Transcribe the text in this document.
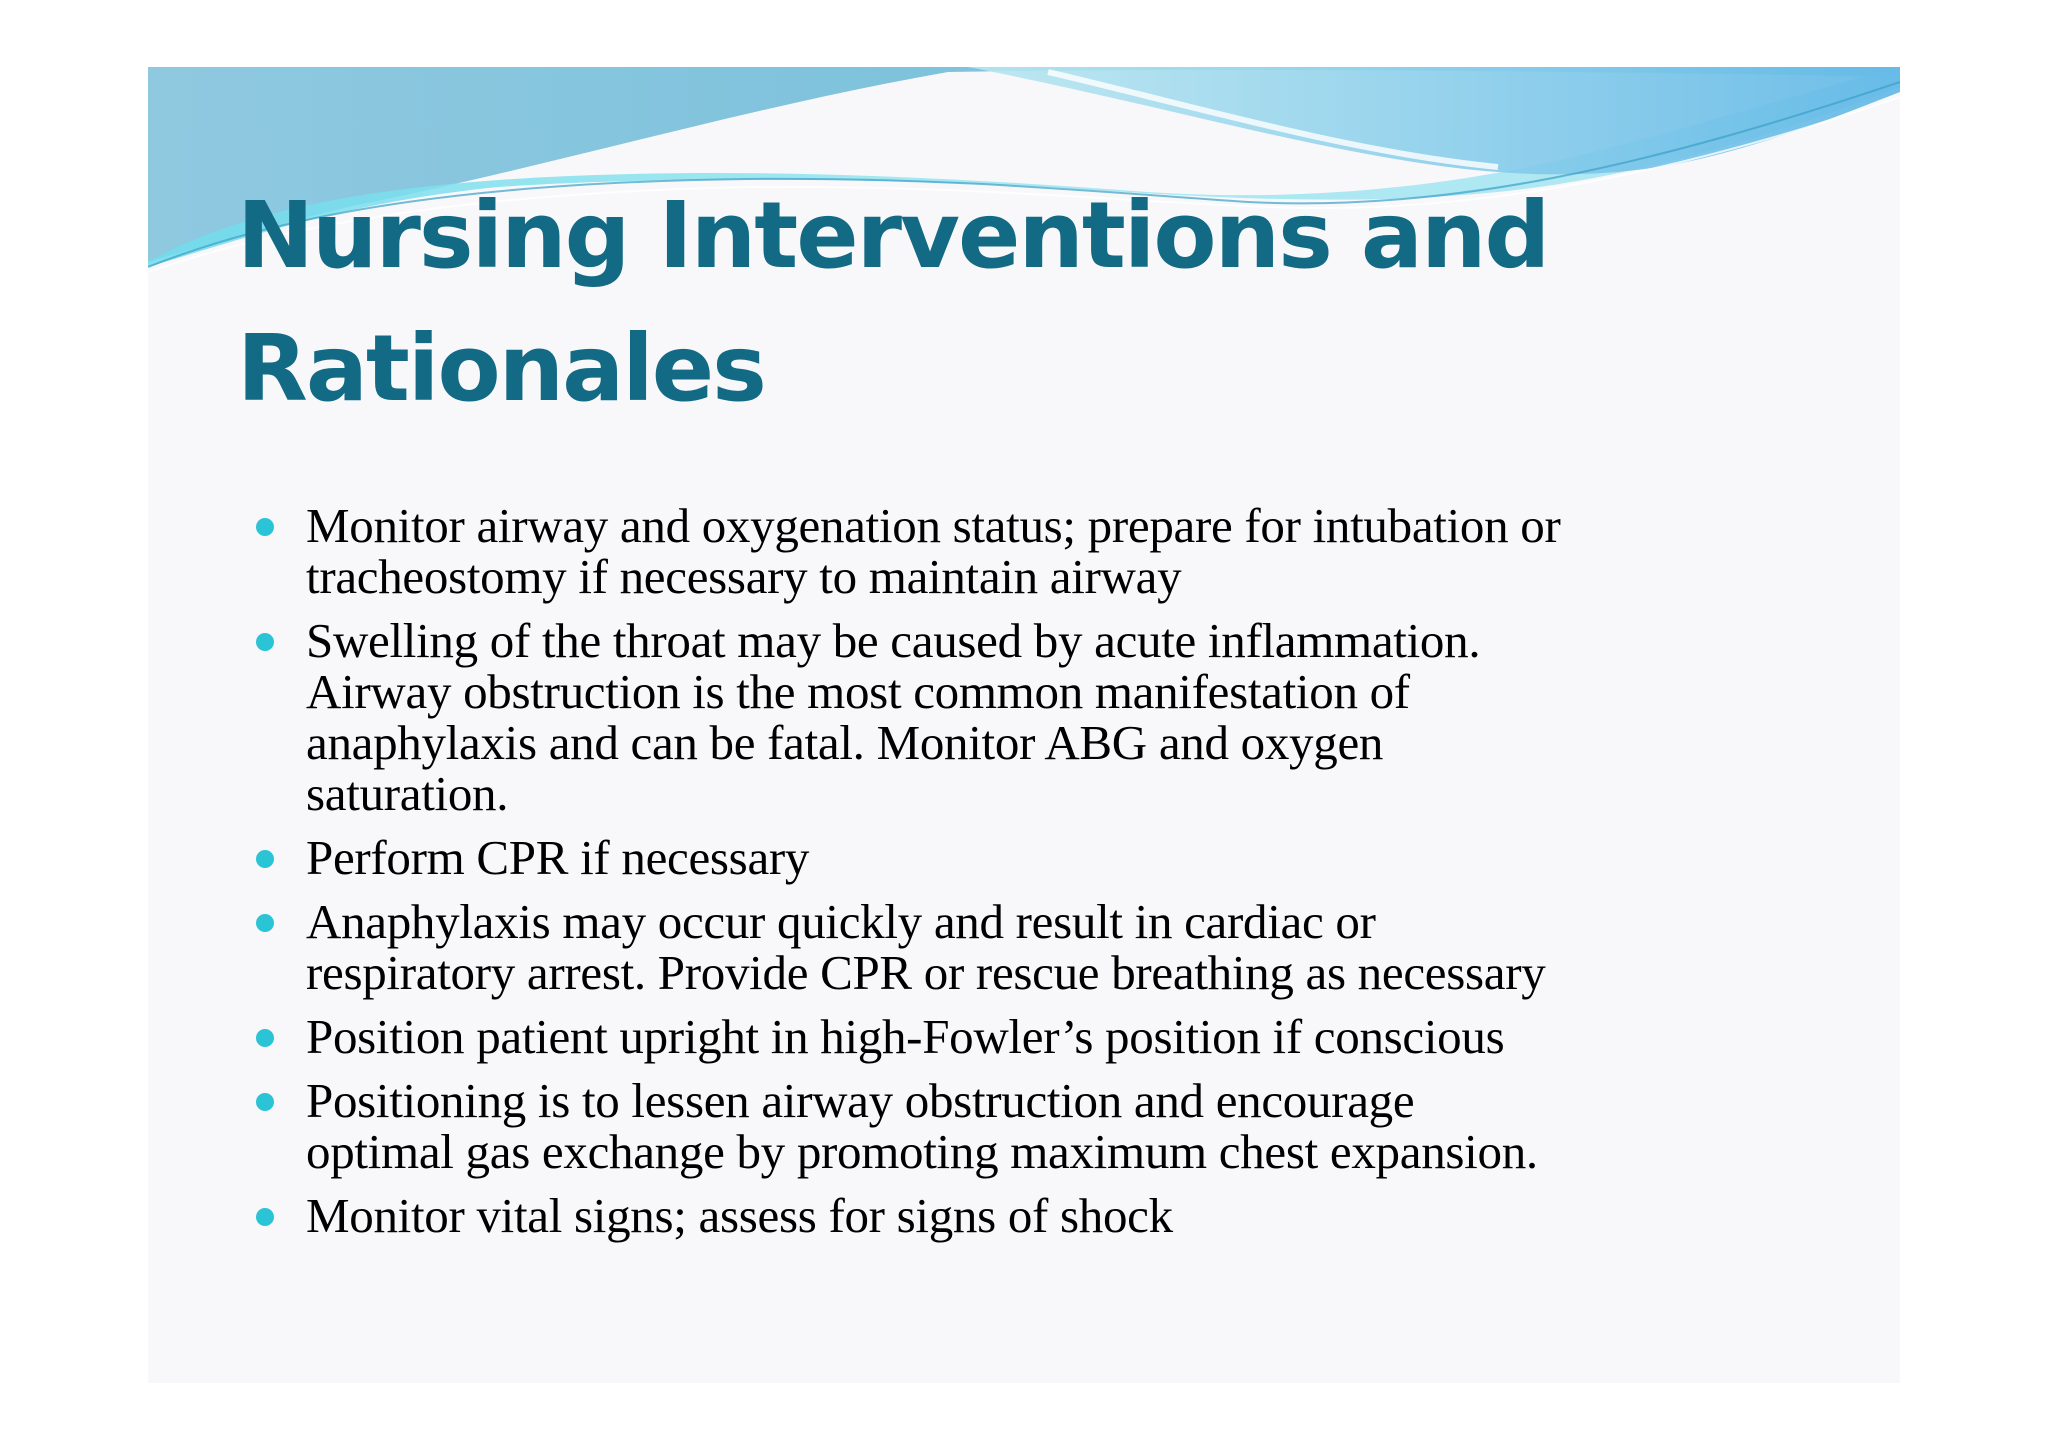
Nursing Interventions and
Rationales
Monitor airway and oxygenation status; prepare for intubation or
tracheostomy if necessary to maintain airway
Swelling of the throat may be caused by acute inflammation.
Airway obstruction is the most common manifestation of
anaphylaxis and can be fatal. Monitor ABG and oxygen
saturation.
Perform CPR if necessary
Anaphylaxis may occur quickly and result in cardiac or
respiratory arrest. Provide CPR or rescue breathing as necessary
Position patient upright in high-Fowler’s position if conscious
Positioning is to lessen airway obstruction and encourage
optimal gas exchange by promoting maximum chest expansion.
Monitor vital signs; assess for signs of shock
